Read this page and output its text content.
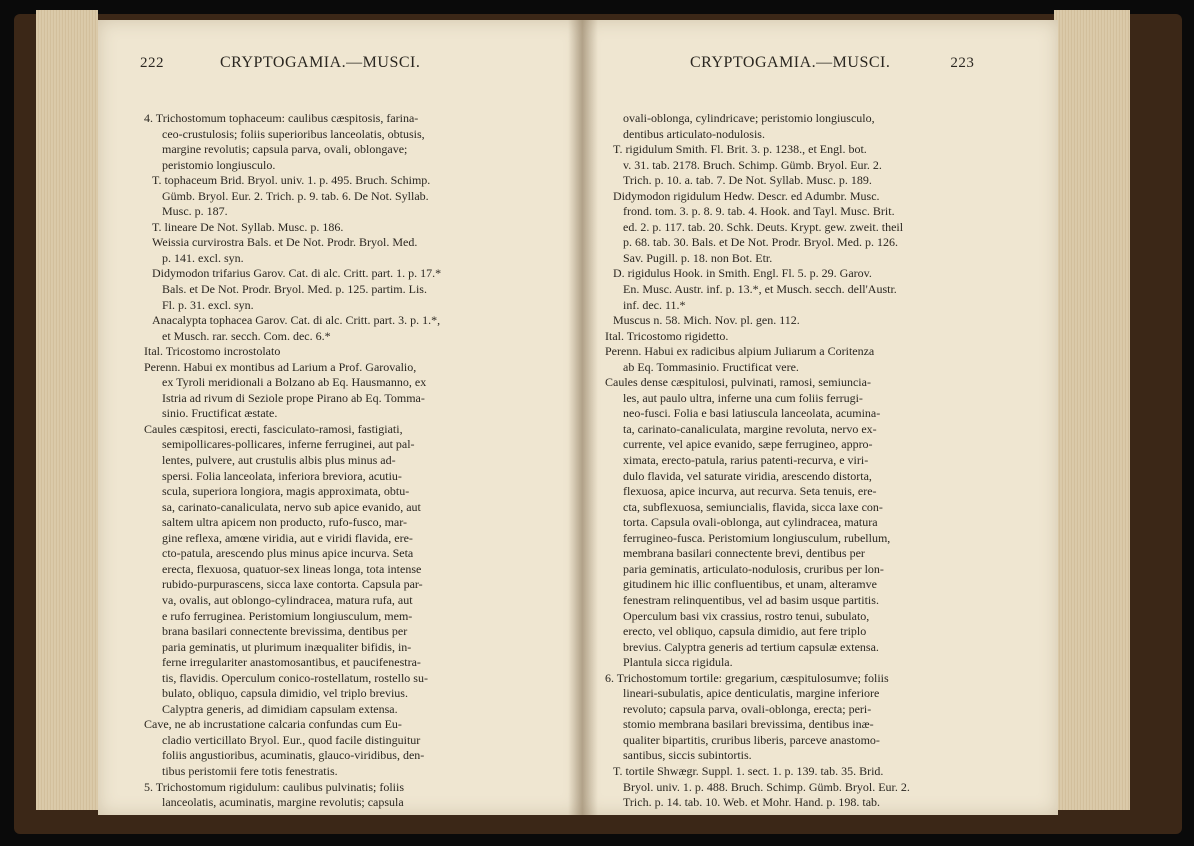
222	CRYPTOGAMIA.—MUSCI.	CRYPTOGAMIA.—MUSCI.	223
4. Trichostomum tophaceum: caulibus cæspitosis, farina-
ceo-crustulosis; foliis superioribus lanceolatis, obtusis,
margine revolutis; capsula parva, ovali, oblongave;
peristomio longiusculo.
T. tophaceum Brid. Bryol. univ. 1. p. 495. Bruch. Schimp.
Gümb. Bryol. Eur. 2. Trich. p. 9. tab. 6. De Not. Syllab.
Musc. p. 187.
T. lineare De Not. Syllab. Musc. p. 186.
Weissia curvirostra Bals. et De Not. Prodr. Bryol. Med.
p. 141. excl. syn.
Didymodon trifarius Garov. Cat. di alc. Critt. part. 1. p. 17.*
Bals. et De Not. Prodr. Bryol. Med. p. 125. partim. Lis.
Fl. p. 31. excl. syn.
Anacalypta tophacea Garov. Cat. di alc. Critt. part. 3. p. 1.*,
et Musch. rar. secch. Com. dec. 6.*
Ital. Tricostomo incrostolato
Perenn. Habui ex montibus ad Larium a Prof. Garovalio,
ex Tyroli meridionali a Bolzano ab Eq. Hausmanno, ex
Istria ad rivum di Seziole prope Pirano ab Eq. Tomma-
sinio. Fructificat æstate.
Caules cæspitosi, erecti, fasciculato-ramosi, fastigiati,
semipollicares-pollicares, inferne ferruginei, aut pal-
lentes, pulvere, aut crustulis albis plus minus ad-
spersi. Folia lanceolata, inferiora breviora, acutiu-
scula, superiora longiora, magis approximata, obtu-
sa, carinato-canaliculata, nervo sub apice evanido, aut
saltem ultra apicem non producto, rufo-fusco, mar-
gine reflexa, amœne viridia, aut e viridi flavida, ere-
cto-patula, arescendo plus minus apice incurva. Seta
erecta, flexuosa, quatuor-sex lineas longa, tota intense
rubido-purpurascens, sicca laxe contorta. Capsula par-
va, ovalis, aut oblongo-cylindracea, matura rufa, aut
e rufo ferruginea. Peristomium longiusculum, mem-
brana basilari connectente brevissima, dentibus per
paria geminatis, ut plurimum inæqualiter bifidis, in-
ferne irregulariter anastomosantibus, et paucifenestra-
tis, flavidis. Operculum conico-rostellatum, rostello su-
bulato, obliquo, capsula dimidio, vel triplo brevius.
Calyptra generis, ad dimidiam capsulam extensa.
Cave, ne ab incrustatione calcaria confundas cum Eu-
cladio verticillato Bryol. Eur., quod facile distinguitur
foliis angustioribus, acuminatis, glauco-viridibus, den-
tibus peristomii fere totis fenestratis.
5. Trichostomum rigidulum: caulibus pulvinatis; foliis
lanceolatis, acuminatis, margine revolutis; capsula
ovali-oblonga, cylindricave; peristomio longiusculo,
dentibus articulato-nodulosis.
T. rigidulum Smith. Fl. Brit. 3. p. 1238., et Engl. bot.
v. 31. tab. 2178. Bruch. Schimp. Gümb. Bryol. Eur. 2.
Trich. p. 10. a. tab. 7. De Not. Syllab. Musc. p. 189.
Didymodon rigidulum Hedw. Descr. ed Adumbr. Musc.
frond. tom. 3. p. 8. 9. tab. 4. Hook. and Tayl. Musc. Brit.
ed. 2. p. 117. tab. 20. Schk. Deuts. Krypt. gew. zweit. theil
p. 68. tab. 30. Bals. et De Not. Prodr. Bryol. Med. p. 126.
Sav. Pugill. p. 18. non Bot. Etr.
D. rigidulus Hook. in Smith. Engl. Fl. 5. p. 29. Garov.
En. Musc. Austr. inf. p. 13.*, et Musch. secch. dell'Austr.
inf. dec. 11.*
Muscus n. 58. Mich. Nov. pl. gen. 112.
Ital. Tricostomo rigidetto.
Perenn. Habui ex radicibus alpium Juliarum a Coritenza
ab Eq. Tommasinio. Fructificat vere.
Caules dense cæspitulosi, pulvinati, ramosi, semiuncia-
les, aut paulo ultra, inferne una cum foliis ferrugi-
neo-fusci. Folia e basi latiuscula lanceolata, acumina-
ta, carinato-canaliculata, margine revoluta, nervo ex-
currente, vel apice evanido, sæpe ferrugineo, appro-
ximata, erecto-patula, rarius patenti-recurva, e viri-
dulo flavida, vel saturate viridia, arescendo distorta,
flexuosa, apice incurva, aut recurva. Seta tenuis, ere-
cta, subflexuosa, semiuncialis, flavida, sicca laxe con-
torta. Capsula ovali-oblonga, aut cylindracea, matura
ferrugineo-fusca. Peristomium longiusculum, rubellum,
membrana basilari connectente brevi, dentibus per
paria geminatis, articulato-nodulosis, cruribus per lon-
gitudinem hic illic confluentibus, et unam, alteramve
fenestram relinquentibus, vel ad basim usque partitis.
Operculum basi vix crassius, rostro tenui, subulato,
erecto, vel obliquo, capsula dimidio, aut fere triplo
brevius. Calyptra generis ad tertium capsulæ extensa.
Plantula sicca rigidula.
6. Trichostomum tortile: gregarium, cæspitulosumve; foliis
lineari-subulatis, apice denticulatis, margine inferiore
revoluto; capsula parva, ovali-oblonga, erecta; peri-
stomio membrana basilari brevissima, dentibus inæ-
qualiter bipartitis, cruribus liberis, parceve anastomo-
santibus, siccis subintortis.
T. tortile Shwægr. Suppl. 1. sect. 1. p. 139. tab. 35. Brid.
Bryol. univ. 1. p. 488. Bruch. Schimp. Gümb. Bryol. Eur. 2.
Trich. p. 14. tab. 10. Web. et Mohr. Hand. p. 198. tab.
